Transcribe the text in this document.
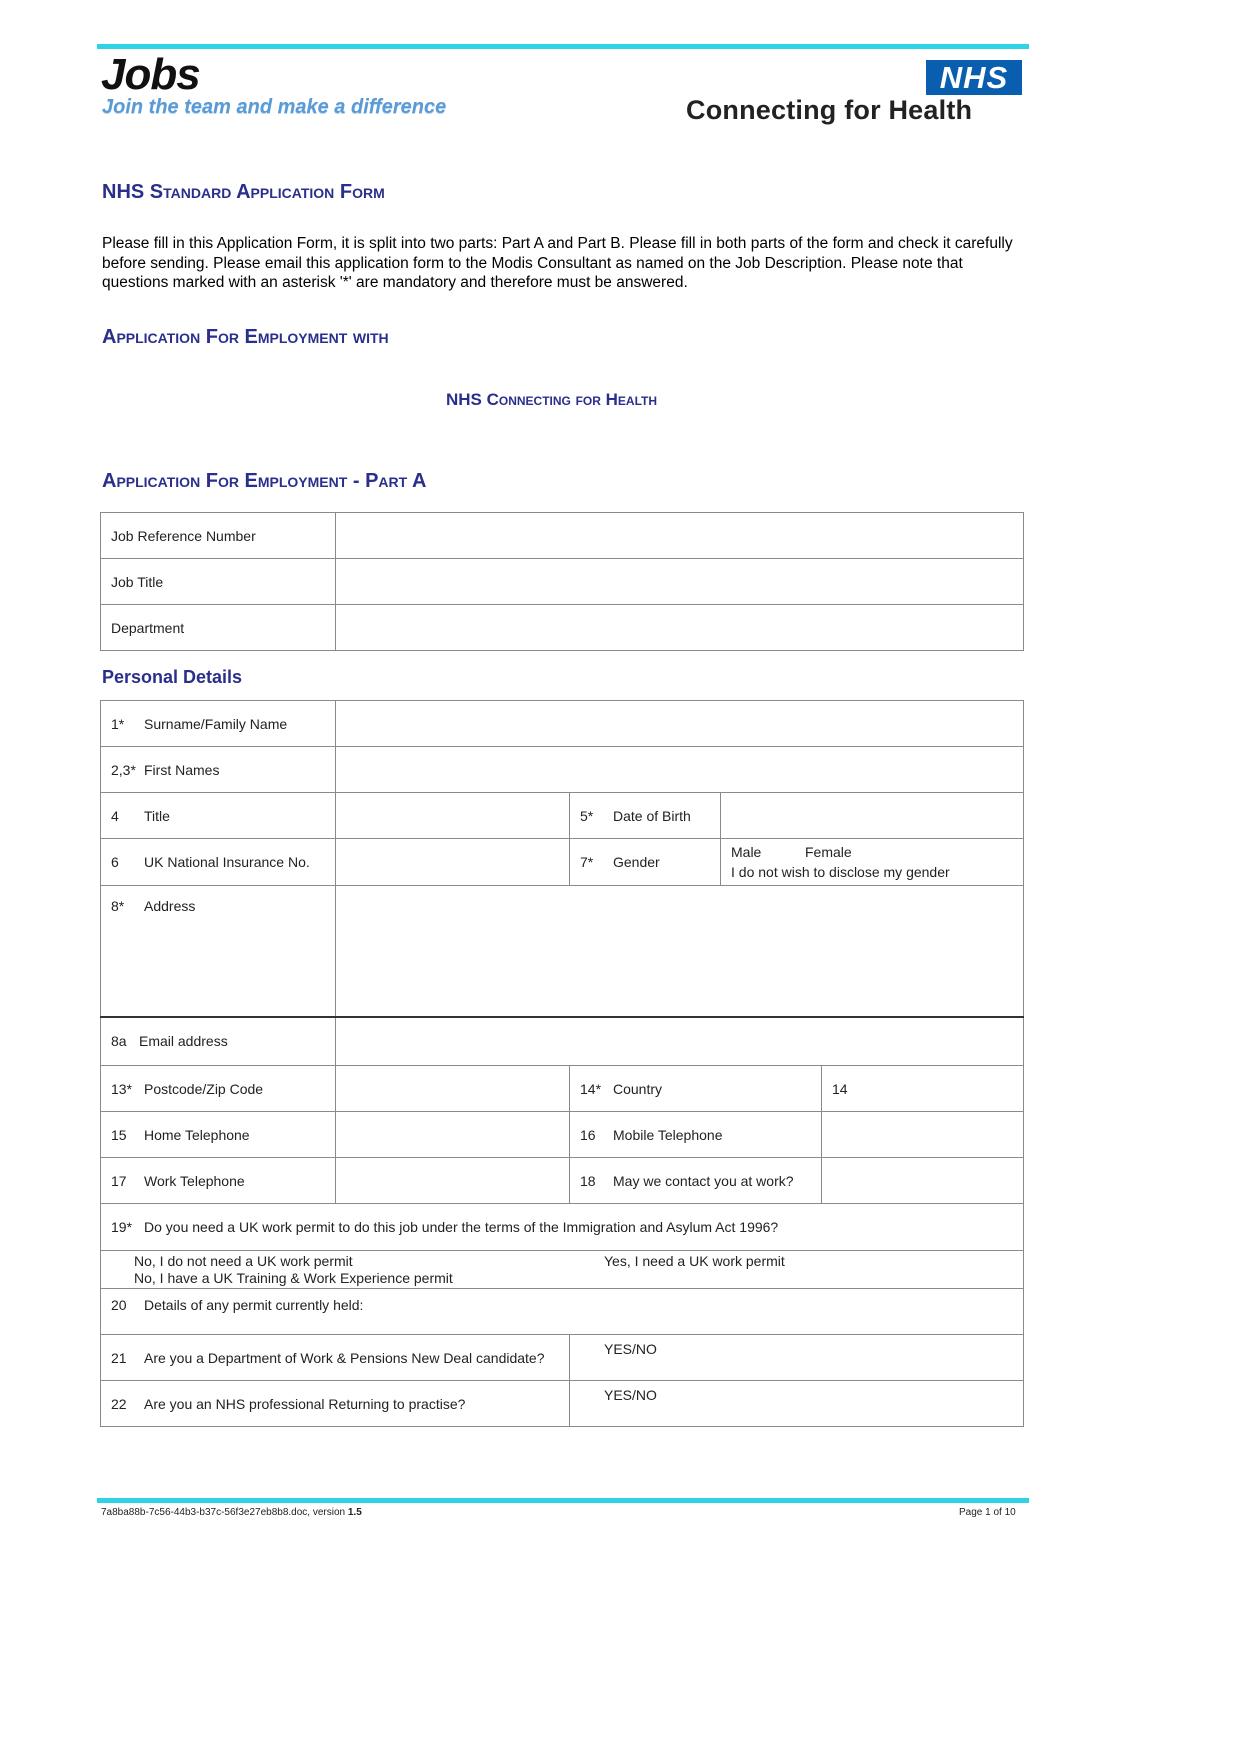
Jobs
Join the team and make a difference
NHS
Connecting for Health
NHS Standard Application Form
Please fill in this Application Form, it is split into two parts: Part A and Part B. Please fill in both parts of the form and check it carefully before sending. Please email this application form to the Modis Consultant as named on the Job Description. Please note that questions marked with an asterisk '*' are mandatory and therefore must be answered.
Application For Employment with
NHS Connecting for Health
Application For Employment - Part A
Job Reference Number	
Job Title	
Department	
Personal Details
1* Surname/Family Name				
2,3* First Names				
4 Title		5* Date of Birth		
6 UK National Insurance No.		7* Gender	Male Female
I do not wish to disclose my gender	
8* Address				
8a Email address				
13* Postcode/Zip Code		14* Country		14
15 Home Telephone		16 Mobile Telephone		
17 Work Telephone		18 May we contact you at work?		
19* Do you need a UK work permit to do this job under the terms of the Immigration and Asylum Act 1996?				

No, I do not need a UK work permit
No, I have a UK Training & Work Experience permit
Yes, I need a UK work permit				

20 Details of any permit currently held:				
21 Are you a Department of Work & Pensions New Deal candidate?		YES/NO		
22 Are you an NHS professional Returning to practise?		YES/NO		
7a8ba88b-7c56-44b3-b37c-56f3e27eb8b8.doc, version 1.5	Page 1 of 10
